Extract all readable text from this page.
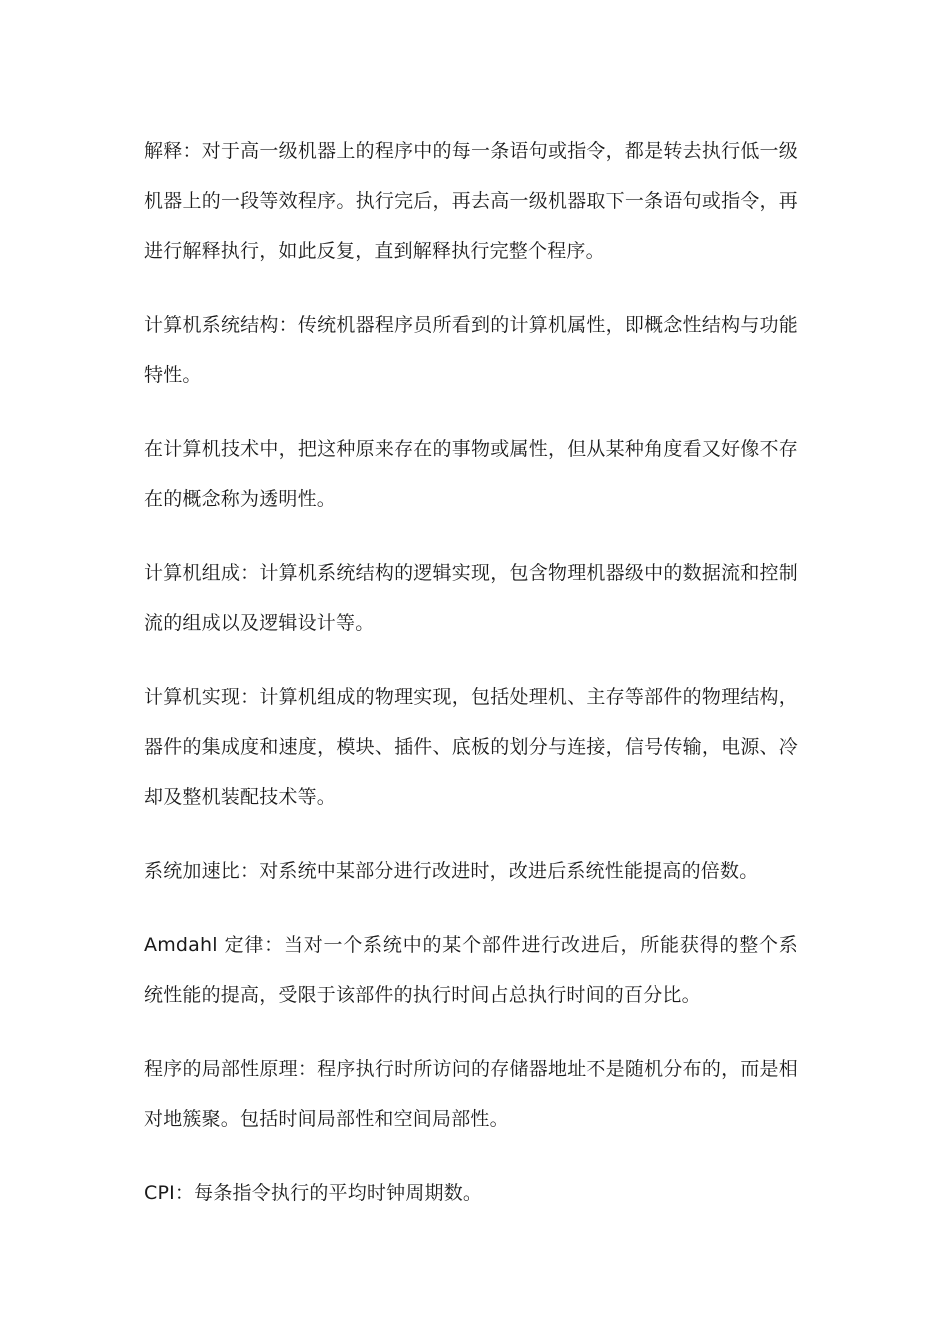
解释：对于高一级机器上的程序中的每一条语句或指令，都是转去执行低一级机器上的一段等效程序。执行完后，再去高一级机器取下一条语句或指令，再进行解释执行，如此反复，直到解释执行完整个程序。

计算机系统结构：传统机器程序员所看到的计算机属性，即概念性结构与功能特性。

在计算机技术中，把这种原来存在的事物或属性，但从某种角度看又好像不存在的概念称为透明性。

计算机组成：计算机系统结构的逻辑实现，包含物理机器级中的数据流和控制流的组成以及逻辑设计等。

计算机实现：计算机组成的物理实现，包括处理机、主存等部件的物理结构，器件的集成度和速度，模块、插件、底板的划分与连接，信号传输，电源、冷却及整机装配技术等。

系统加速比：对系统中某部分进行改进时，改进后系统性能提高的倍数。

Amdahl 定律：当对一个系统中的某个部件进行改进后，所能获得的整个系统性能的提高，受限于该部件的执行时间占总执行时间的百分比。

程序的局部性原理：程序执行时所访问的存储器地址不是随机分布的，而是相对地簇聚。包括时间局部性和空间局部性。

CPI：每条指令执行的平均时钟周期数。
